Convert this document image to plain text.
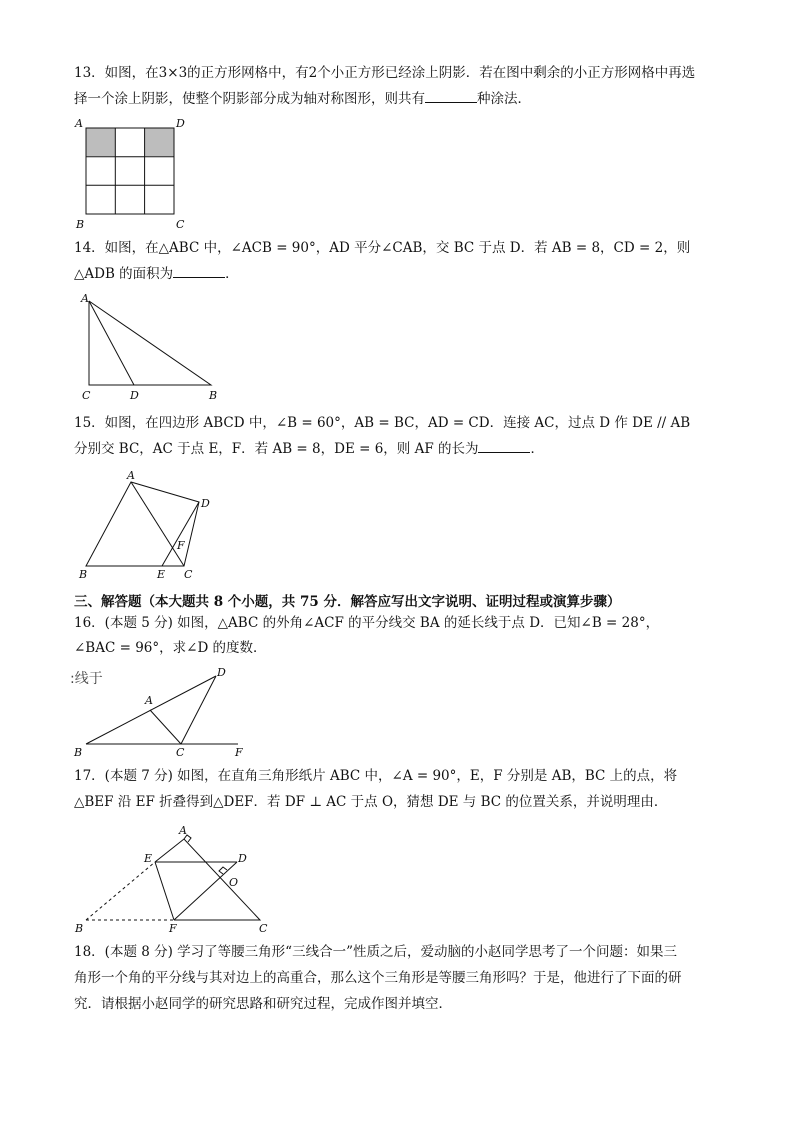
13．如图，在3×3的正方形网格中，有2个小正方形已经涂上阴影．若在图中剩余的小正方形网格中再选
择一个涂上阴影，使整个阴影部分成为轴对称图形，则共有	种涂法．
A	D
B	C
14．如图，在△ABC 中，∠ACB = 90°，AD 平分∠CAB，交 BC 于点 D．若 AB = 8，CD = 2，则
△ADB 的面积为	．
A
C	D	B
15．如图，在四边形 ABCD 中，∠B = 60°，AB = BC，AD = CD．连接 AC，过点 D 作 DE // AB
分别交 BC，AC 于点 E，F．若 AB = 8，DE = 6，则 AF 的长为	．
A
D
F
B	E C
三、解答题（本大题共 8 个小题，共 75 分．解答应写出文字说明、证明过程或演算步骤）
16．(本题 5 分) 如图，△ABC 的外角∠ACF 的平分线交 BA 的延长线于点 D．已知∠B = 28°，
∠BAC = 96°，求∠D 的度数．
:线于
A
D
B	C	F
17．(本题 7 分) 如图，在直角三角形纸片 ABC 中，∠A = 90°，E，F 分别是 AB，BC 上的点，将
△BEF 沿 EF 折叠得到△DEF．若 DF ⊥ AC 于点 O，猜想 DE 与 BC 的位置关系，并说明理由．
A
E	D
O
B	F	C
18．(本题 8 分) 学习了等腰三角形“三线合一”性质之后，爱动脑的小赵同学思考了一个问题：如果三
角形一个角的平分线与其对边上的高重合，那么这个三角形是等腰三角形吗？于是，他进行了下面的研
究．请根据小赵同学的研究思路和研究过程，完成作图并填空．
